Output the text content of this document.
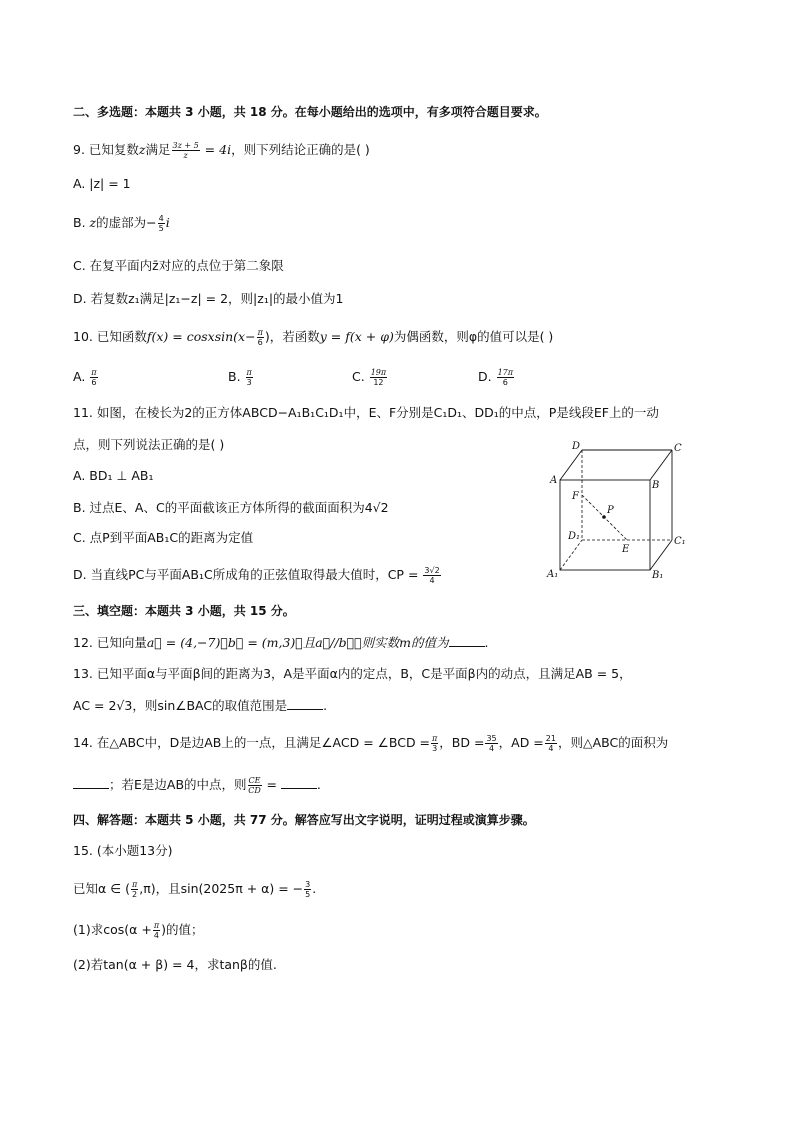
二、多选题：本题共 3 小题，共 18 分。在每小题给出的选项中，有多项符合题目要求。
9. 已知复数z满足 $\frac{3z + 5}{z} = 4i$，则下列结论正确的是( )
A. |z| = 1
B. z的虚部为− $\frac{4}{5}$ i
C. 在复平面内z̄对应的点位于第二象限
D. 若复数z₁满足|z₁−z| = 2，则|z₁|的最小值为1
10. 已知函数f(x) = cosxsin(x− $\frac{\pi}{6}$ )，若函数y = f(x + φ)为偶函数，则φ的值可以是( )
A. $\frac{\pi}{6}$	B. $\frac{\pi}{3}$	C. $\frac{19\pi}{12}$	D. $\frac{17\pi}{6}$
11. 如图，在棱长为2的正方体ABCD−A₁B₁C₁D₁中，E、F分别是C₁D₁、DD₁的中点，P是线段EF上的一动
点，则下列说法正确的是( )
A. BD₁ ⊥ AB₁
B. 过点E、A、C的平面截该正方体所得的截面面积为4√2
C. 点P到平面AB₁C的距离为定值
D. 当直线PC与平面AB₁C所成角的正弦值取得最大值时，CP = $\frac{3√2}{4}$
D	C
A	B
F
P
D₁
E
C₁
A₁	B₁
三、填空题：本题共 3 小题，共 15 分。
12. 已知向量a⃗ = (4,−7)，b⃗ = (m,3)，且a⃗//b⃗，则实数m的值为	.
13. 已知平面α与平面β间的距离为3，A是平面α内的定点，B，C是平面β内的动点，且满足AB = 5，
AC = 2√3，则sin∠BAC的取值范围是	.
14. 在△ABC中，D是边AB上的一点，且满足∠ACD = ∠BCD = $\frac{\pi}{3}$ ，BD = $\frac{35}{4}$ ，AD = $\frac{21}{4}$ ，则△ABC的面积为
；若E是边AB的中点，则 $\frac{CE}{CD}$ =	.
四、解答题：本题共 5 小题，共 77 分。解答应写出文字说明，证明过程或演算步骤。
15. (本小题13分)
已知α ∈ ( $\frac{\pi}{2} ,\pi$)，且sin(2025π + α) = − $\frac{3}{5}$ .
(1)求$\cos(\alpha + \frac{\pi}{4}$ )的值；
(2)若tan(α + β) = 4，求tanβ的值.
